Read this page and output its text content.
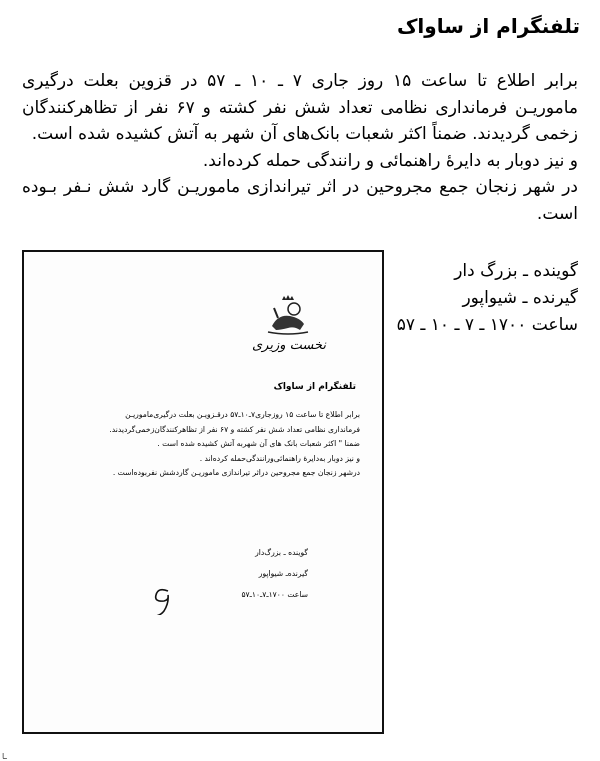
تلفنگرام از ساواک

برابر اطلاع تا ساعت ۱۵ روز جاری ۷ ـ ۱۰ ـ ۵۷ در قزوین بعلت درگیری ماموریـن فرمانداری نظامی تعداد شش نفر کشته و ۶۷ نفر از تظاهرکنندگان زخمی گردیدند. ضمناً اکثر شعبات بانک‌های آن شهر به آتش کشیده شده است.

و نیز دوبار به دایرهٔ راهنمائی و رانندگی حمله کرده‌اند.

در شهر زنجان جمع مجروحین در اثر تیراندازی ماموریـن گارد شش نـفر بـوده است.

گوینده ـ بزرگ دار
گیرنده ـ شیواپور
ساعت ۱۷۰۰ ـ ۷ ـ ۱۰ ـ ۵۷
نخست وزیری
تلفنگرام از ساواک
برابر اطلاع تا ساعت ۱۵ روزجاری۷ـ۱۰ـ۵۷ درقـزویـن بعلت درگیری‌ماموریـن
فرمانداری نظامی تعداد شش نفر کشته و ۶۷ نفر از تظاهرکنندگان‌زخمی‌گردیدند.
ضمنا " اکثر شعبات بانک های آن شهربه آتش کشیده شده است .
و نیز دوبار به‌دایره‌‌ٔ راهنمائی‌ورانندگی‌حمله کرده‌اند .
درشهر زنجان جمع مجروحین دراثر تیراندازی ماموریـن گاردشش نفربوده‌است .
گوینده ـ بزرگ‌دار
گیرنده‌ـ شیواپور
ساعت ۱۷۰۰ـ۷ـ۱۰ـ۵۷
ـا
